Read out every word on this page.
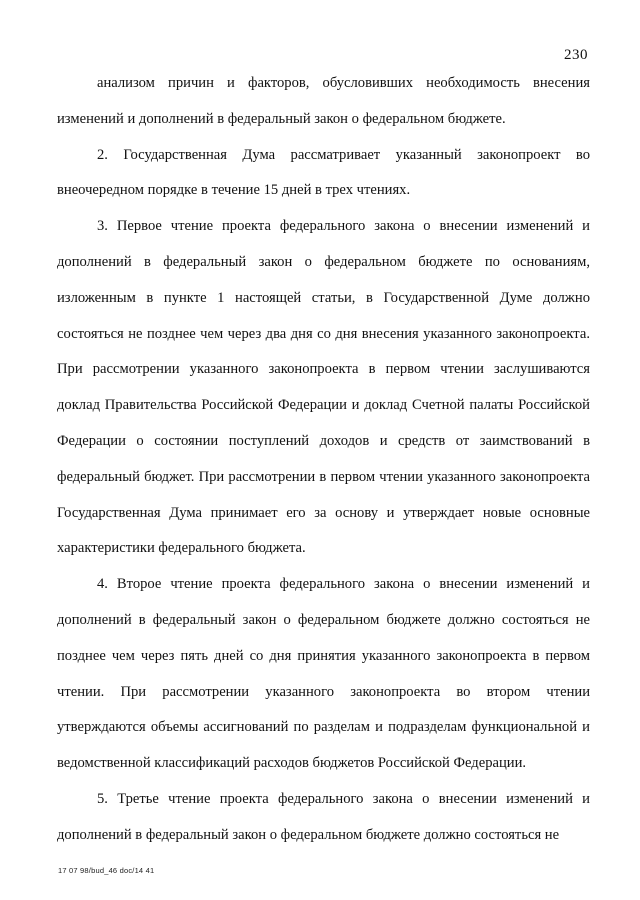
230

анализом причин и факторов, обусловивших необходимость внесения изменений и дополнений в федеральный закон о федеральном бюджете.

2. Государственная Дума рассматривает указанный законопроект во внеочередном порядке в течение 15 дней в трех чтениях.

3. Первое чтение проекта федерального закона о внесении изменений и дополнений в федеральный закон о федеральном бюджете по основаниям, изложенным в пункте 1 настоящей статьи, в Государственной Думе должно состояться не позднее чем через два дня со дня внесения указанного законопроекта. При рассмотрении указанного законопроекта в первом чтении заслушиваются доклад Правительства Российской Федерации и доклад Счетной палаты Российской Федерации о состоянии поступлений доходов и средств от заимствований в федеральный бюджет. При рассмотрении в первом чтении указанного законопроекта Государственная Дума принимает его за основу и утверждает новые основные характеристики федерального бюджета.

4. Второе чтение проекта федерального закона о внесении изменений и дополнений в федеральный закон о федеральном бюджете должно состояться не позднее чем через пять дней со дня принятия указанного законопроекта в первом чтении. При рассмотрении указанного законопроекта во втором чтении утверждаются объемы ассигнований по разделам и подразделам функциональной и ведомственной классификаций расходов бюджетов Российской Федерации.

5. Третье чтение проекта федерального закона о внесении изменений и дополнений в федеральный закон о федеральном бюджете должно состояться не

17 07 98/bud_46 doc/14 41
